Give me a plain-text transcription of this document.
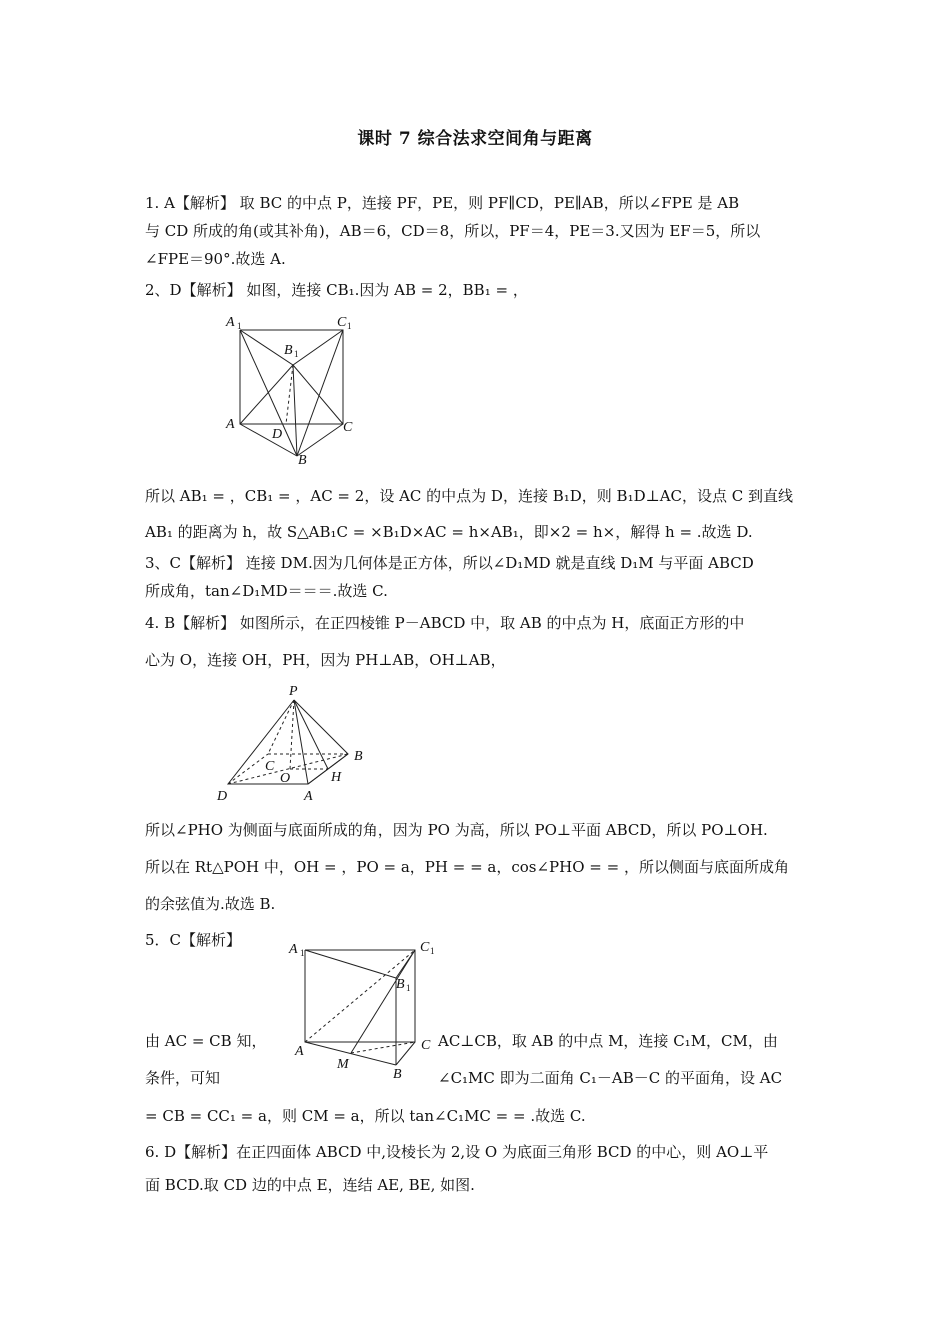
课时 7 综合法求空间角与距离
1. A【解析】 取 BC 的中点 P，连接 PF，PE，则 PF∥CD，PE∥AB，所以∠FPE 是 AB
与 CD 所成的角(或其补角)，AB＝6，CD＝8，所以，PF＝4，PE＝3.又因为 EF＝5，所以
∠FPE＝90°.故选 A.
2、D【解析】 如图，连接 CB₁.因为 AB = 2，BB₁ = ，
A 1	C 1
B 1
A
D	C
B
所以 AB₁ = ，CB₁ = ，AC = 2，设 AC 的中点为 D，连接 B₁D，则 B₁D⊥AC，设点 C 到直线
AB₁ 的距离为 h，故 S△AB₁C = ×B₁D×AC = h×AB₁，即×2 = h×，解得 h = .故选 D.
3、C【解析】 连接 DM.因为几何体是正方体，所以∠D₁MD 就是直线 D₁M 与平面 ABCD
所成角，tan∠D₁MD＝＝＝.故选 C.
4. B【解析】 如图所示，在正四棱锥 P－ABCD 中，取 AB 的中点为 H，底面正方形的中
心为 O，连接 OH，PH，因为 PH⊥AB，OH⊥AB，
P
B
C
O	H
D	A
所以∠PHO 为侧面与底面所成的角，因为 PO 为高，所以 PO⊥平面 ABCD，所以 PO⊥OH.
所以在 Rt△POH 中，OH = ，PO = a，PH = = a，cos∠PHO = = ，所以侧面与底面所成角
的余弦值为.故选 B.
5．C【解析】
A 1	C 1
B 1
A	C
M
B
由 AC = CB 知，	AC⊥CB，取 AB 的中点 M，连接 C₁M，CM，由
条件，可知	∠C₁MC 即为二面角 C₁－AB－C 的平面角，设 AC
= CB = CC₁ = a，则 CM = a，所以 tan∠C₁MC = = .故选 C.
6. D【解析】在正四面体 ABCD 中,设棱长为 2,设 O 为底面三角形 BCD 的中心，则 AO⊥平
面 BCD.取 CD 边的中点 E，连结 AE, BE, 如图.
